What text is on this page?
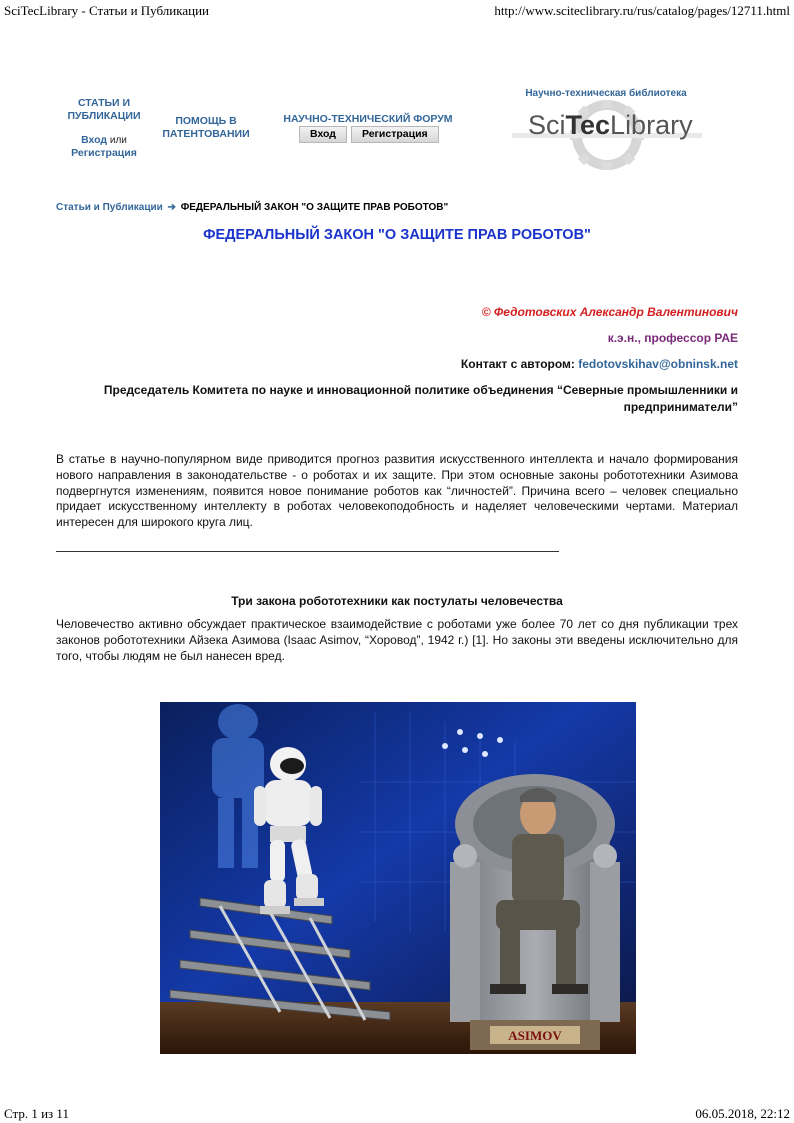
SciTecLibrary - Статьи и Публикации	http://www.sciteclibrary.ru/rus/catalog/pages/12711.html
СТАТЬИ И ПУБЛИКАЦИИ
Вход или
Регистрация
ПОМОЩЬ В ПАТЕНТОВАНИИ
НАУЧНО-ТЕХНИЧЕСКИЙ ФОРУМ
Вход	Регистрация
Научно-техническая библиотека
SciTecLibrary
Статьи и Публикации ➔ ФЕДЕРАЛЬНЫЙ ЗАКОН "О ЗАЩИТЕ ПРАВ РОБОТОВ"
ФЕДЕРАЛЬНЫЙ ЗАКОН "О ЗАЩИТЕ ПРАВ РОБОТОВ"
© Федотовских Александр Валентинович
к.э.н., профессор РАЕ
Контакт с автором: fedotovskihav@obninsk.net
Председатель Комитета по науке и инновационной политике объединения “Северные промышленники и предприниматели”

В статье в научно-популярном виде приводится прогноз развития искусственного интеллекта и начало формирования нового направления в законодательстве - о роботах и их защите. При этом основные законы робототехники Азимова подвергнутся изменениям, появится новое понимание роботов как “личностей”. Причина всего – человек специально придает искусственному интеллекту в роботах человекоподобность и наделяет человеческими чертами. Материал интересен для широкого круга лиц.

Три закона робототехники как постулаты человечества

Человечество активно обсуждает практическое взаимодействие с роботами уже более 70 лет со дня публикации трех законов робототехники Айзека Азимова (Isaac Asimov, “Хоровод”, 1942 г.) [1]. Но законы эти введены исключительно для того, чтобы людям не был нанесен вред.

ASIMOV
Стр. 1 из 11	06.05.2018, 22:12
